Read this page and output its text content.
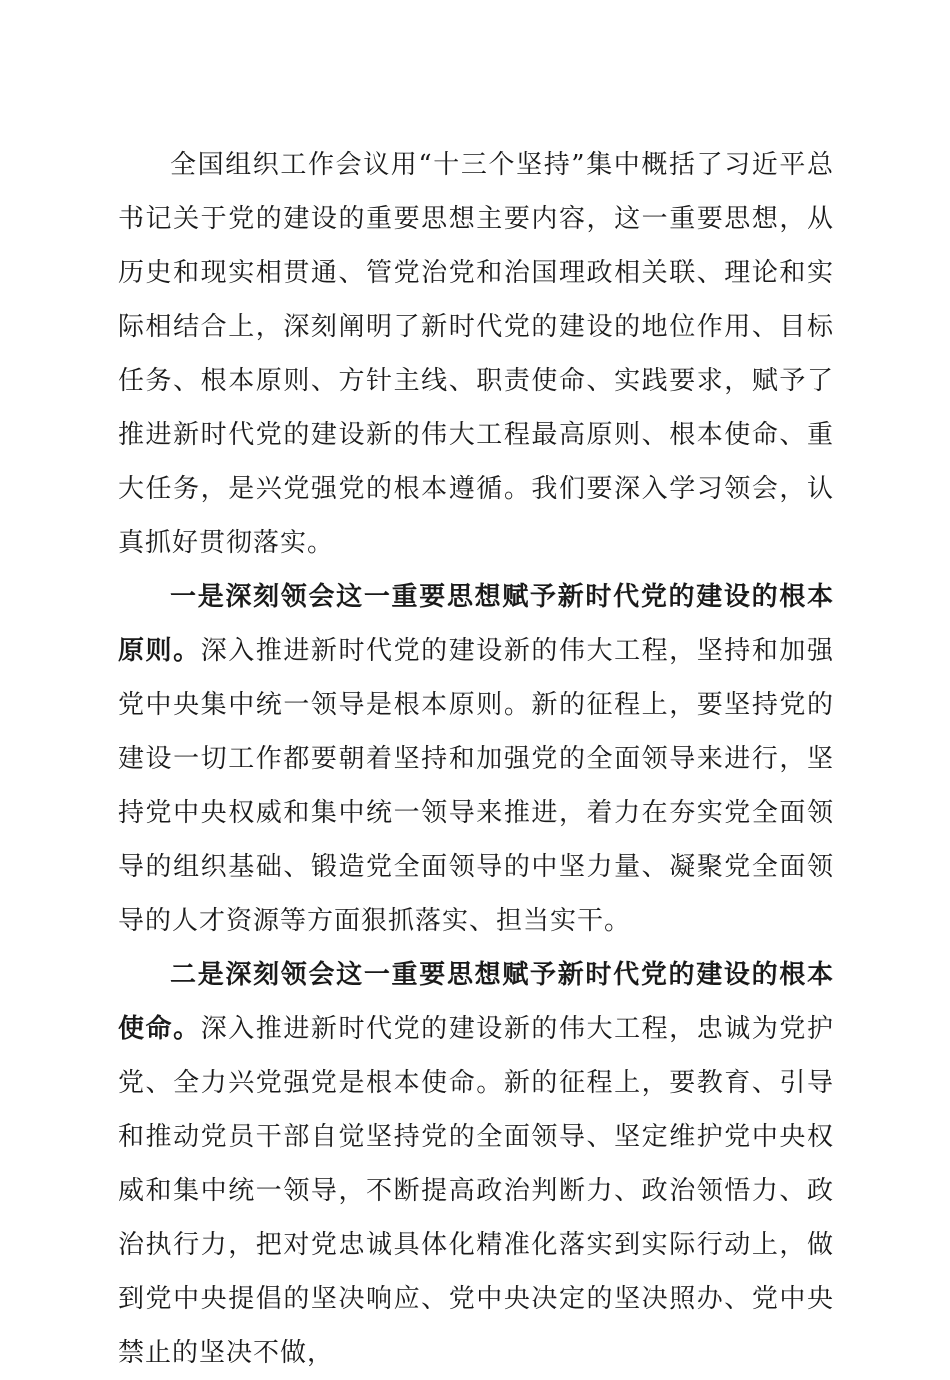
全国组织工作会议用“十三个坚持”集中概括了习近平总书记关于党的建设的重要思想主要内容，这一重要思想，从历史和现实相贯通、管党治党和治国理政相关联、理论和实际相结合上，深刻阐明了新时代党的建设的地位作用、目标任务、根本原则、方针主线、职责使命、实践要求，赋予了推进新时代党的建设新的伟大工程最高原则、根本使命、重大任务，是兴党强党的根本遵循。我们要深入学习领会，认真抓好贯彻落实。

一是深刻领会这一重要思想赋予新时代党的建设的根本原则。深入推进新时代党的建设新的伟大工程，坚持和加强党中央集中统一领导是根本原则。新的征程上，要坚持党的建设一切工作都要朝着坚持和加强党的全面领导来进行，坚持党中央权威和集中统一领导来推进，着力在夯实党全面领导的组织基础、锻造党全面领导的中坚力量、凝聚党全面领导的人才资源等方面狠抓落实、担当实干。

二是深刻领会这一重要思想赋予新时代党的建设的根本使命。深入推进新时代党的建设新的伟大工程，忠诚为党护党、全力兴党强党是根本使命。新的征程上，要教育、引导和推动党员干部自觉坚持党的全面领导、坚定维护党中央权威和集中统一领导，不断提高政治判断力、政治领悟力、政治执行力，把对党忠诚具体化精准化落实到实际行动上，做到党中央提倡的坚决响应、党中央决定的坚决照办、党中央禁止的坚决不做，
